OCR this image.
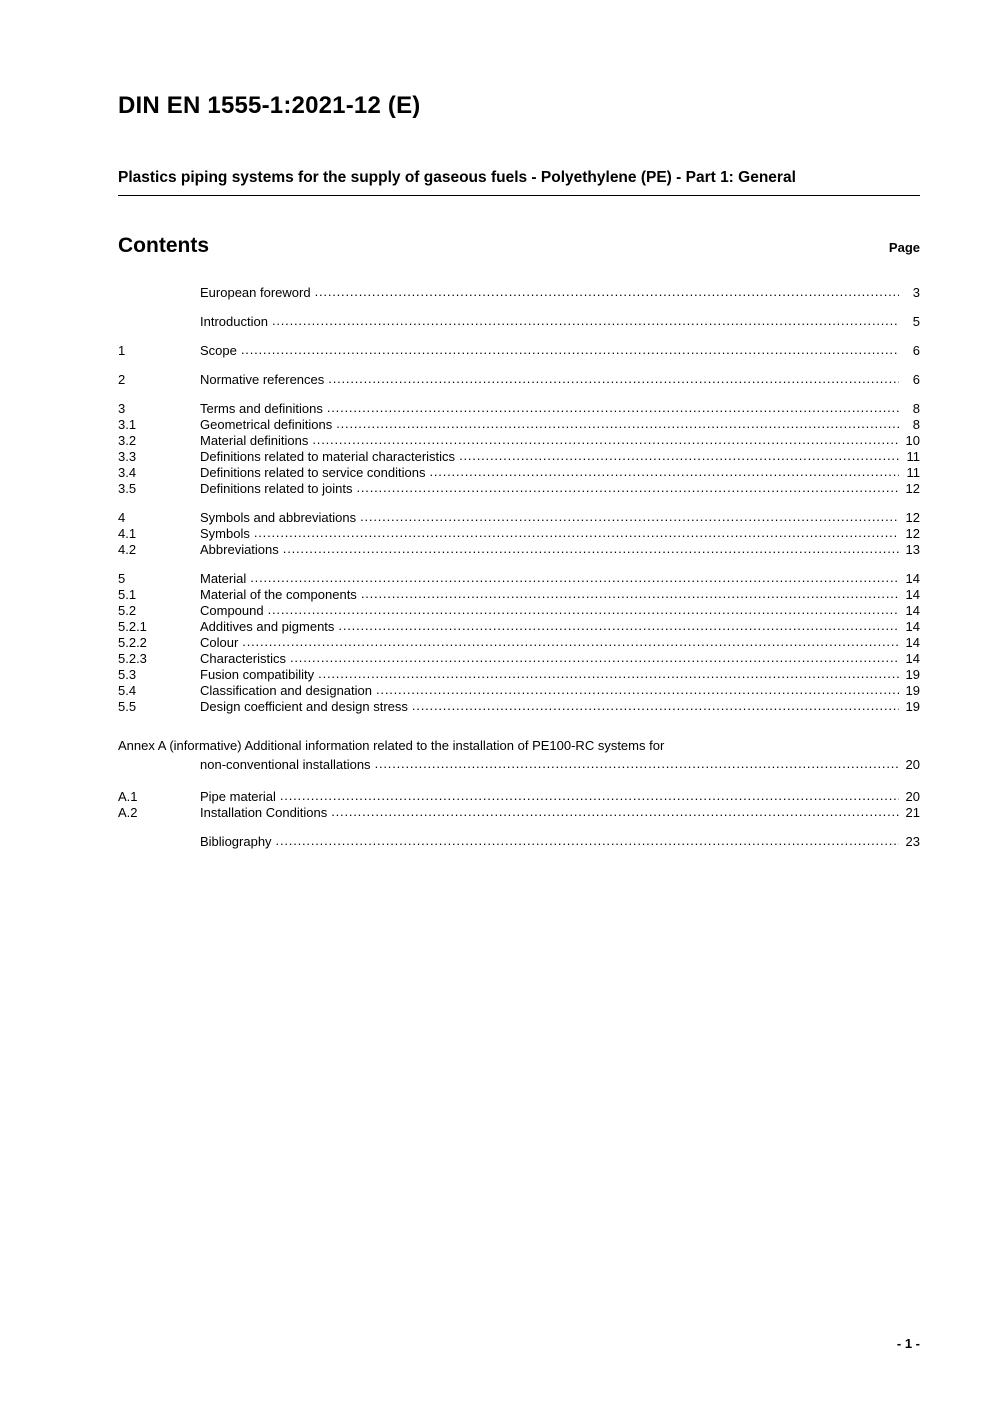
DIN EN 1555-1:2021-12 (E)
Plastics piping systems for the supply of gaseous fuels - Polyethylene (PE) - Part 1: General
Contents	Page
European foreword .....	3
Introduction .....	5
1	Scope .....	6
2	Normative references .....	6
3	Terms and definitions .....	8
3.1	Geometrical definitions .....	8
3.2	Material definitions .....	10
3.3	Definitions related to material characteristics .....	11
3.4	Definitions related to service conditions .....	11
3.5	Definitions related to joints .....	12
4	Symbols and abbreviations .....	12
4.1	Symbols .....	12
4.2	Abbreviations .....	13
5	Material .....	14
5.1	Material of the components .....	14
5.2	Compound .....	14
5.2.1	Additives and pigments .....	14
5.2.2	Colour .....	14
5.2.3	Characteristics .....	14
5.3	Fusion compatibility .....	19
5.4	Classification and designation .....	19
5.5	Design coefficient and design stress .....	19
Annex A (informative) Additional information related to the installation of PE100-RC systems for
non-conventional installations .....	20
A.1	Pipe material .....	20
A.2	Installation Conditions .....	21
Bibliography .....	23
- 1 -
